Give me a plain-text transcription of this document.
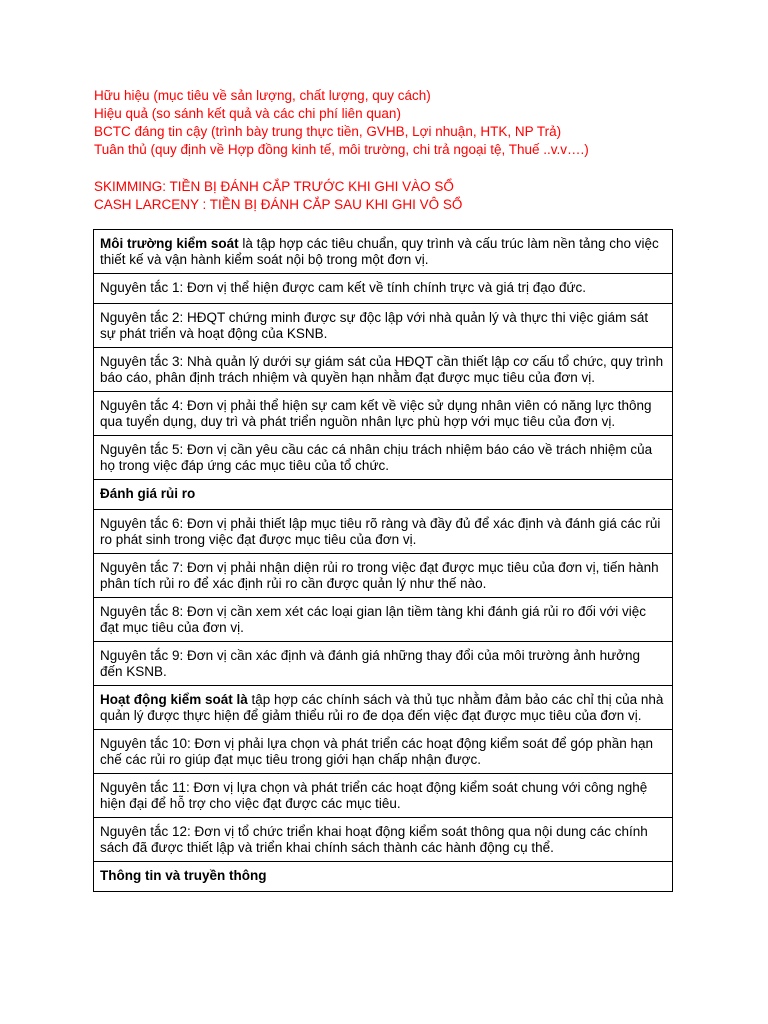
Hữu hiệu (mục tiêu về sản lượng, chất lượng, quy cách)
Hiệu quả (so sánh kết quả và các chi phí liên quan)
BCTC đáng tin cậy (trình bày trung thực tiền, GVHB, Lợi nhuận, HTK, NP Trả)
Tuân thủ (quy định về Hợp đồng kinh tế, môi trường, chi trả ngoại tệ, Thuế ..v.v….)
SKIMMING: TIỀN BỊ ĐÁNH CẮP TRƯỚC KHI GHI VÀO SỔ
CASH LARCENY : TIỀN BỊ ĐÁNH CẮP SAU KHI GHI VÔ SỔ
Môi trường kiểm soát là tập hợp các tiêu chuẩn, quy trình và cấu trúc làm nền tảng cho việc thiết kế và vận hành kiểm soát nội bộ trong một đơn vị.
Nguyên tắc 1: Đơn vị thể hiện được cam kết về tính chính trực và giá trị đạo đức.
Nguyên tắc 2: HĐQT chứng minh được sự độc lập với nhà quản lý và thực thi việc giám sát sự phát triển và hoạt động của KSNB.
Nguyên tắc 3: Nhà quản lý dưới sự giám sát của HĐQT cần thiết lập cơ cấu tổ chức, quy trình báo cáo, phân định trách nhiệm và quyền hạn nhằm đạt được mục tiêu của đơn vị.
Nguyên tắc 4: Đơn vị phải thể hiện sự cam kết về việc sử dụng nhân viên có năng lực thông qua tuyển dụng, duy trì và phát triển nguồn nhân lực phù hợp với mục tiêu của đơn vị.
Nguyên tắc 5: Đơn vị cần yêu cầu các cá nhân chịu trách nhiệm báo cáo về trách nhiệm của họ trong việc đáp ứng các mục tiêu của tổ chức.
Đánh giá rủi ro
Nguyên tắc 6: Đơn vị phải thiết lập mục tiêu rõ ràng và đầy đủ để xác định và đánh giá các rủi ro phát sinh trong việc đạt được mục tiêu của đơn vị.
Nguyên tắc 7: Đơn vị phải nhận diện rủi ro trong việc đạt được mục tiêu của đơn vị, tiến hành phân tích rủi ro để xác định rủi ro cần được quản lý như thế nào.
Nguyên tắc 8: Đơn vị cần xem xét các loại gian lận tiềm tàng khi đánh giá rủi ro đối với việc đạt mục tiêu của đơn vị.
Nguyên tắc 9: Đơn vị cần xác định và đánh giá những thay đổi của môi trường ảnh hưởng đến KSNB.
Hoạt động kiểm soát là tập hợp các chính sách và thủ tục nhằm đảm bảo các chỉ thị của nhà quản lý được thực hiện để giảm thiểu rủi ro đe dọa đến việc đạt được mục tiêu của đơn vị.
Nguyên tắc 10: Đơn vị phải lựa chọn và phát triển các hoạt động kiểm soát để góp phần hạn chế các rủi ro giúp đạt mục tiêu trong giới hạn chấp nhận được.
Nguyên tắc 11: Đơn vị lựa chọn và phát triển các hoạt động kiểm soát chung với công nghệ hiện đại để hỗ trợ cho việc đạt được các mục tiêu.
Nguyên tắc 12: Đơn vị tổ chức triển khai hoạt động kiểm soát thông qua nội dung các chính sách đã được thiết lập và triển khai chính sách thành các hành động cụ thể.
Thông tin và truyền thông
